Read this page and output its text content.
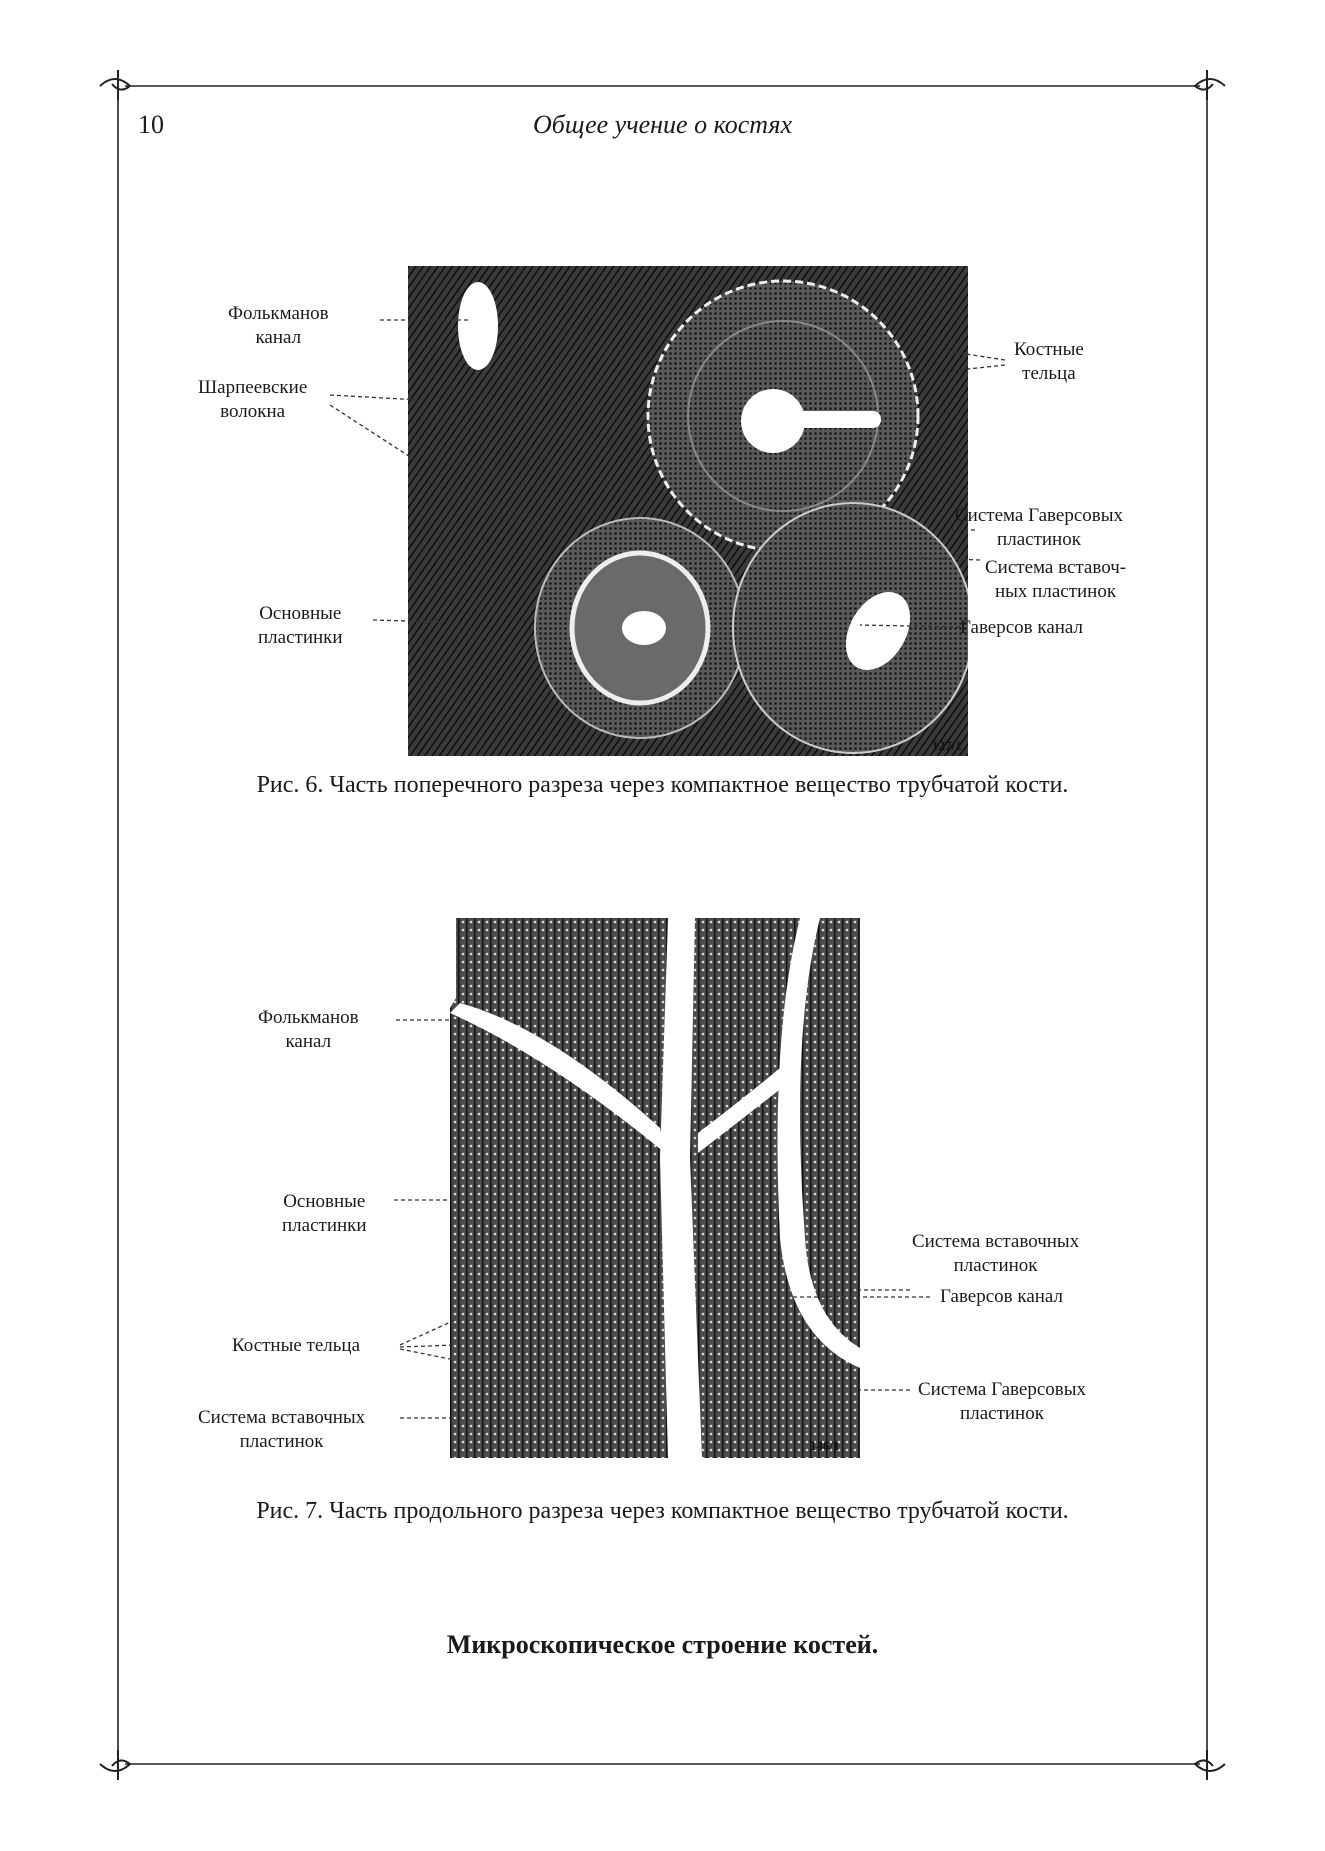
10	Общее учение о костях
127/1
146/1
Фолькманов
канал
Шарпеевские
волокна
Основные
пластинки
Костные
тельца
Система Гаверсовых
пластинок
Система вставоч-
ных пластинок
Гаверсов канал
Рис. 6. Часть поперечного разреза через компактное вещество трубчатой кости.
Фолькманов
канал
Основные
пластинки
Костные тельца
Система вставочных
пластинок
Система вставочных
пластинок
Гаверсов канал
Система Гаверсовых
пластинок
Рис. 7. Часть продольного разреза через компактное вещество трубчатой кости.
Микроскопическое строение костей.
